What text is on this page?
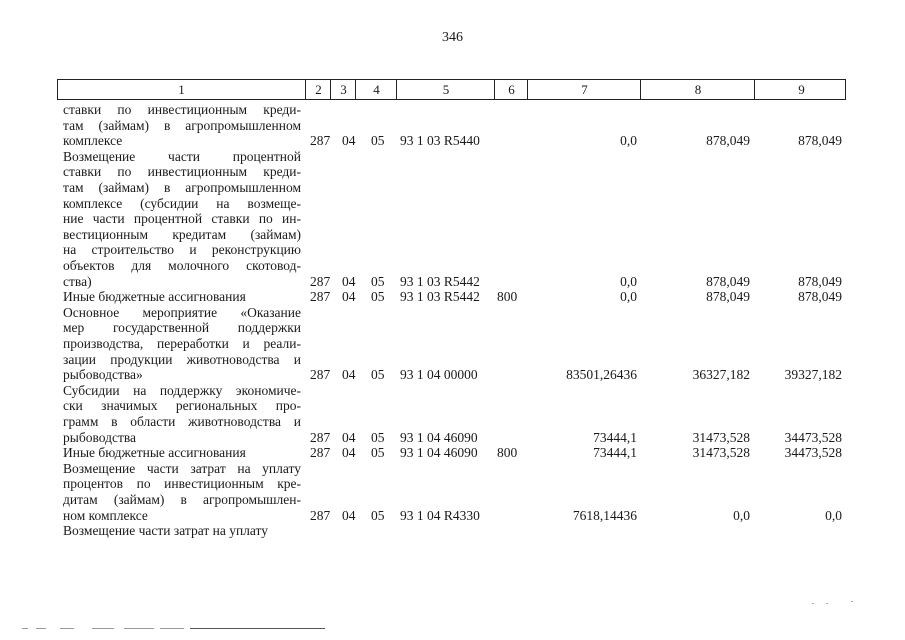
346
1	2	3	4	5	6	7	8	9
ставки по инвестиционным креди-
там (займам) в агропромышленном
комплексе	287 04	05	93 1 03 R5440	0,0	878,049	878,049
Возмещение части процентной
ставки по инвестиционным креди-
там (займам) в агропромышленном
комплексе (субсидии на возмеще-
ние части процентной ставки по ин-
вестиционным кредитам (займам)
на строительство и реконструкцию
объектов для молочного скотовод-
ства)	287 04	05	93 1 03 R5442	0,0	878,049	878,049
Иные бюджетные ассигнования	287 04	05	93 1 03 R5442	800	0,0	878,049	878,049
Основное мероприятие «Оказание
мер государственной поддержки
производства, переработки и реали-
зации продукции животноводства и
рыбоводства»	287 04	05	93 1 04 00000	83501,26436	36327,182	39327,182
Субсидии на поддержку экономиче-
ски значимых региональных про-
грамм в области животноводства и
рыбоводства	287 04	05	93 1 04 46090	73444,1	31473,528	34473,528
Иные бюджетные ассигнования	287 04	05	93 1 04 46090	800	73444,1	31473,528	34473,528
Возмещение части затрат на уплату
процентов по инвестиционным кре-
дитам (займам) в агропромышлен-
ном комплексе	287 04	05	93 1 04 R4330	7618,14436	0,0	0,0
Возмещение части затрат на уплату
